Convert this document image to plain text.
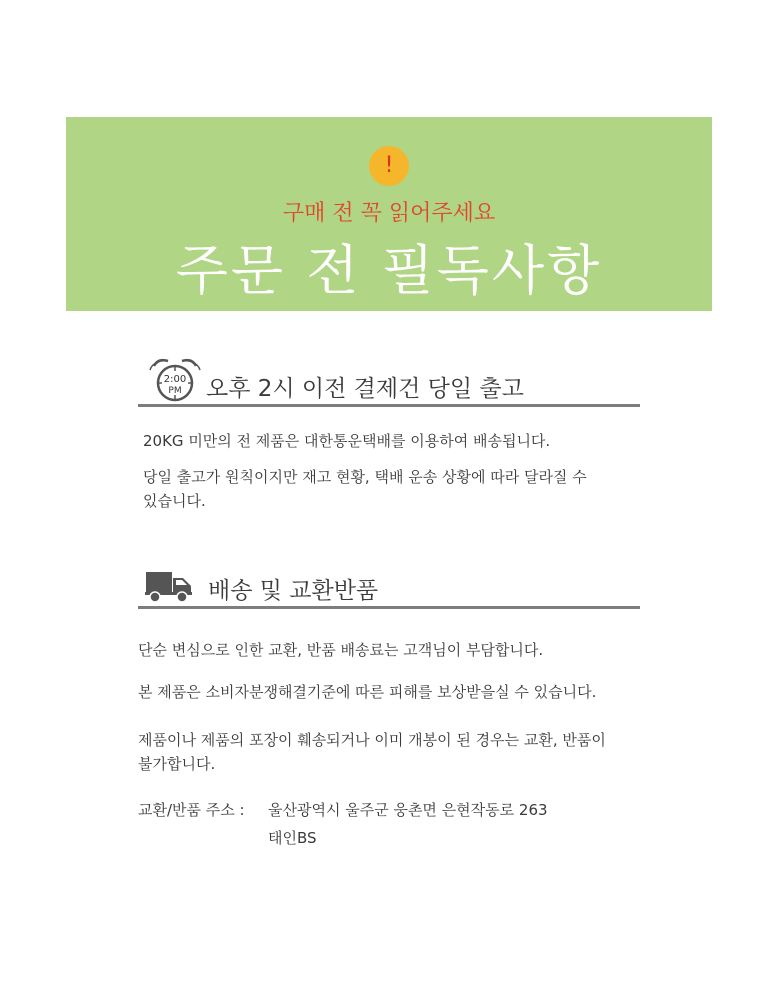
!
구매 전 꼭 읽어주세요
주문 전 필독사항
2:00
PM 오후 2시 이전 결제건 당일 출고
20KG 미만의 전 제품은 대한통운택배를 이용하여 배송됩니다.
당일 출고가 원칙이지만 재고 현황, 택배 운송 상황에 따라 달라질 수
있습니다.
배송 및 교환반품
단순 변심으로 인한 교환, 반품 배송료는 고객님이 부담합니다.
본 제품은 소비자분쟁해결기준에 따른 피해를 보상받을실 수 있습니다.
제품이나 제품의 포장이 훼송되거나 이미 개봉이 된 경우는 교환, 반품이
불가합니다.
교환/반품 주소 : 울산광역시 울주군 웅촌면 은현작동로 263
태인BS
